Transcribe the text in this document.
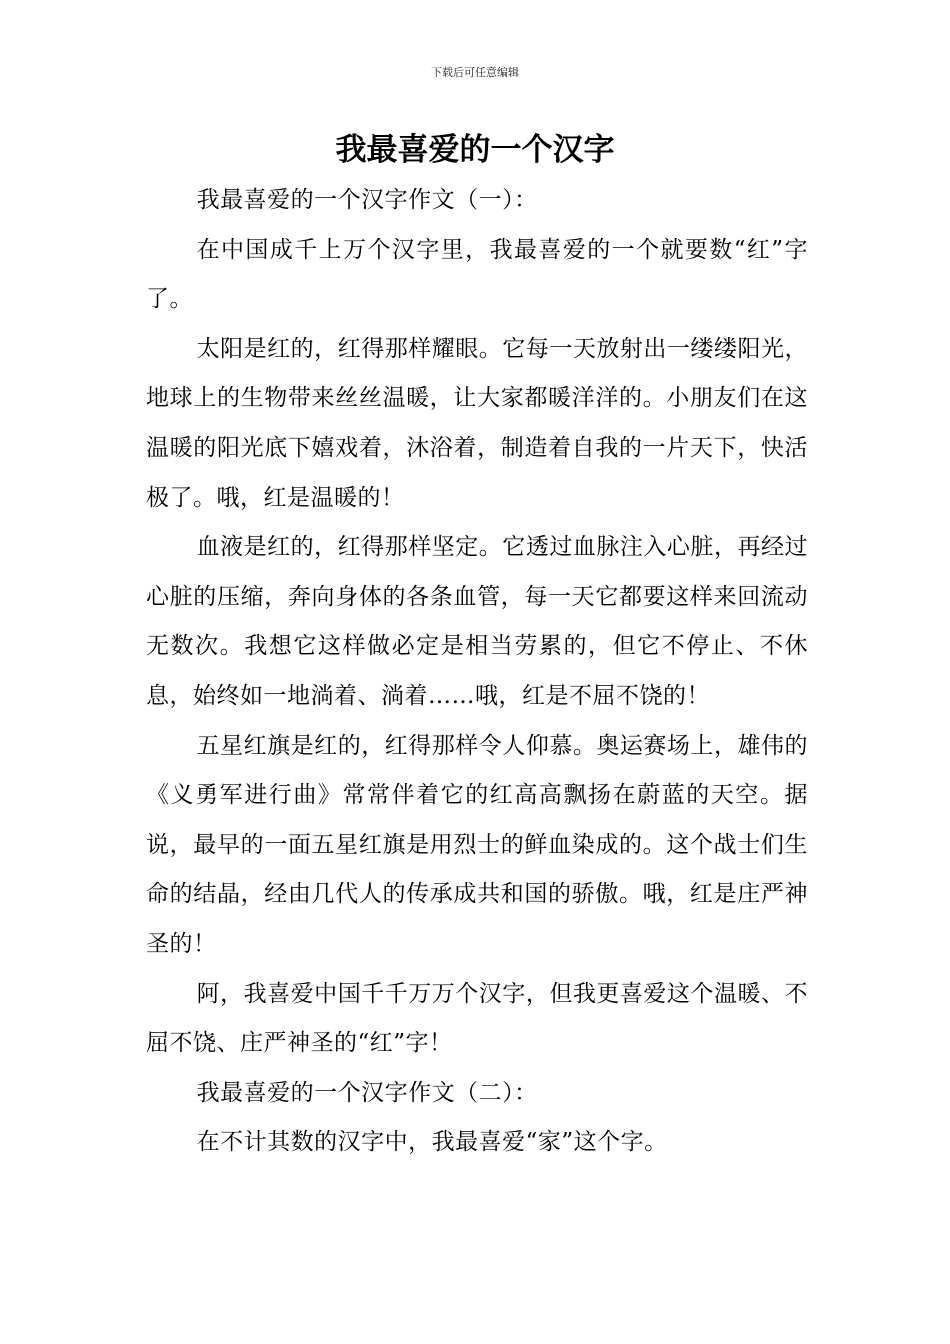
下载后可任意编辑
我最喜爱的一个汉字

我最喜爱的一个汉字作文（一）：

在中国成千上万个汉字里，我最喜爱的一个就要数“红”字了。

太阳是红的，红得那样耀眼。它每一天放射出一缕缕阳光，地球上的生物带来丝丝温暖，让大家都暖洋洋的。小朋友们在这温暖的阳光底下嬉戏着，沐浴着，制造着自我的一片天下，快活极了。哦，红是温暖的！

血液是红的，红得那样坚定。它透过血脉注入心脏，再经过心脏的压缩，奔向身体的各条血管，每一天它都要这样来回流动无数次。我想它这样做必定是相当劳累的，但它不停止、不休息，始终如一地淌着、淌着……哦，红是不屈不饶的！

五星红旗是红的，红得那样令人仰慕。奥运赛场上，雄伟的《义勇军进行曲》常常伴着它的红高高飘扬在蔚蓝的天空。据说，最早的一面五星红旗是用烈士的鲜血染成的。这个战士们生命的结晶，经由几代人的传承成共和国的骄傲。哦，红是庄严神圣的！

阿，我喜爱中国千千万万个汉字，但我更喜爱这个温暖、不屈不饶、庄严神圣的“红”字！

我最喜爱的一个汉字作文（二）：

在不计其数的汉字中，我最喜爱“家”这个字。
